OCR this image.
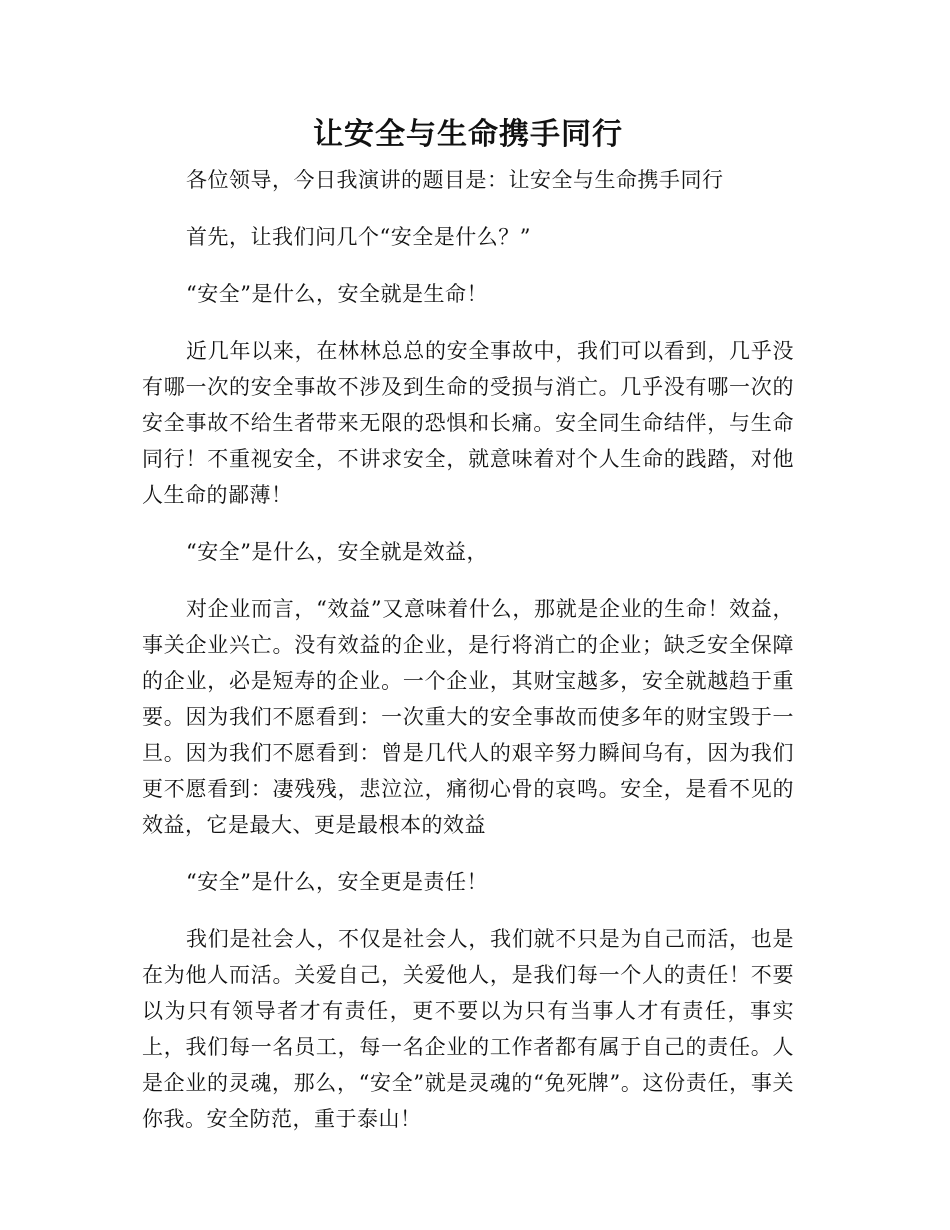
让安全与生命携手同行

各位领导，今日我演讲的题目是：让安全与生命携手同行

首先，让我们问几个“安全是什么？”

“安全”是什么，安全就是生命！

近几年以来，在林林总总的安全事故中，我们可以看到，几乎没有哪一次的安全事故不涉及到生命的受损与消亡。几乎没有哪一次的安全事故不给生者带来无限的恐惧和长痛。安全同生命结伴，与生命同行！不重视安全，不讲求安全，就意味着对个人生命的践踏，对他人生命的鄙薄！

“安全”是什么，安全就是效益，

对企业而言，“效益”又意味着什么，那就是企业的生命！效益，事关企业兴亡。没有效益的企业，是行将消亡的企业；缺乏安全保障的企业，必是短寿的企业。一个企业，其财宝越多，安全就越趋于重要。因为我们不愿看到：一次重大的安全事故而使多年的财宝毁于一旦。因为我们不愿看到：曾是几代人的艰辛努力瞬间乌有，因为我们更不愿看到：凄残残，悲泣泣，痛彻心骨的哀鸣。安全，是看不见的效益，它是最大、更是最根本的效益

“安全”是什么，安全更是责任！

我们是社会人，不仅是社会人，我们就不只是为自己而活，也是在为他人而活。关爱自己，关爱他人，是我们每一个人的责任！不要以为只有领导者才有责任，更不要以为只有当事人才有责任，事实上，我们每一名员工，每一名企业的工作者都有属于自己的责任。人是企业的灵魂，那么，“安全”就是灵魂的“免死牌”。这份责任，事关你我。安全防范，重于泰山！
